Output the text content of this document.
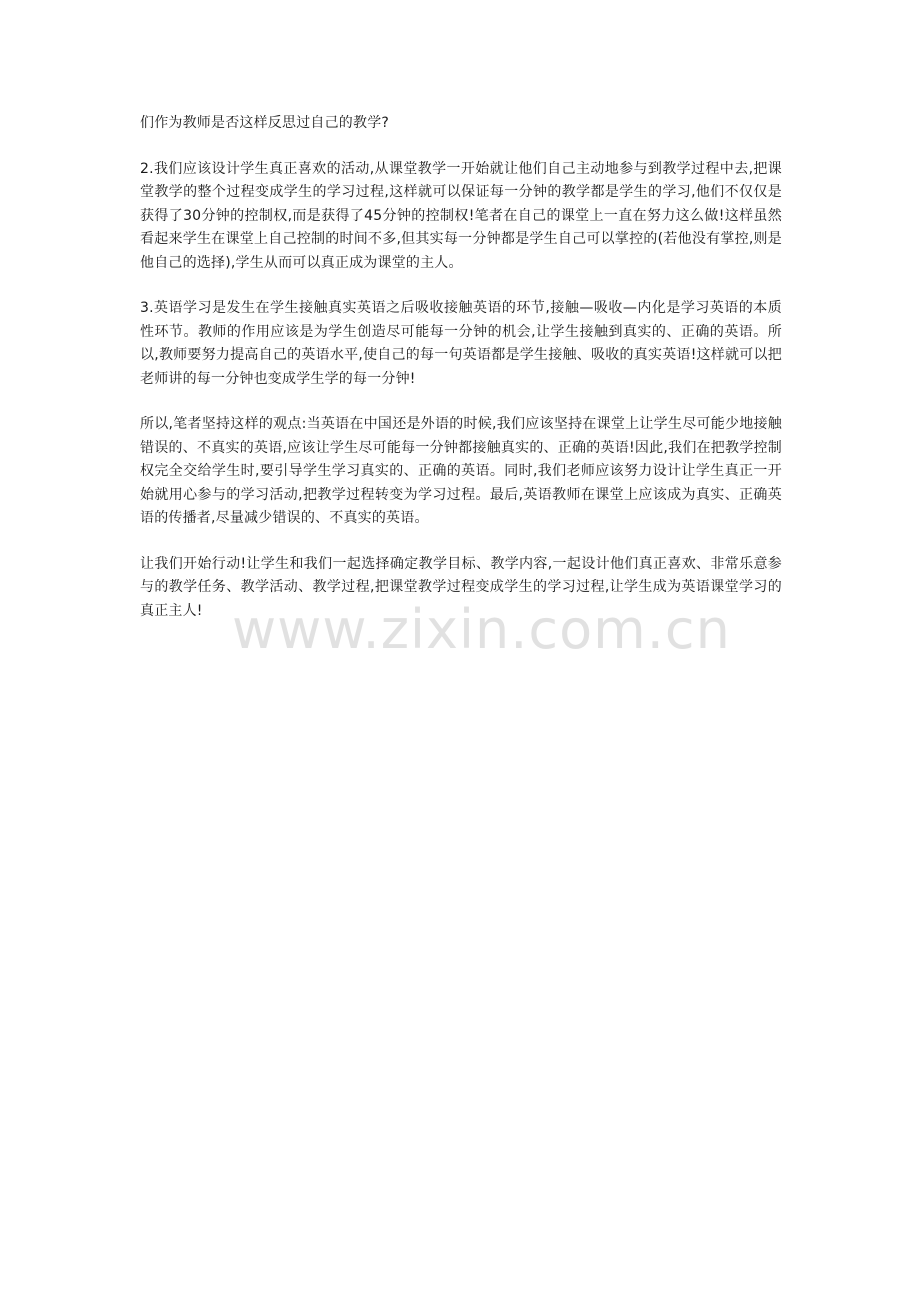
们作为教师是否这样反思过自己的教学?

2.我们应该设计学生真正喜欢的活动,从课堂教学一开始就让他们自己主动地参与到教学过程中去,把课堂教学的整个过程变成学生的学习过程,这样就可以保证每一分钟的教学都是学生的学习,他们不仅仅是获得了30分钟的控制权,而是获得了45分钟的控制权!笔者在自己的课堂上一直在努力这么做!这样虽然看起来学生在课堂上自己控制的时间不多,但其实每一分钟都是学生自己可以掌控的(若他没有掌控,则是他自己的选择),学生从而可以真正成为课堂的主人。

3.英语学习是发生在学生接触真实英语之后吸收接触英语的环节,接触—吸收—内化是学习英语的本质性环节。教师的作用应该是为学生创造尽可能每一分钟的机会,让学生接触到真实的、正确的英语。所以,教师要努力提高自己的英语水平,使自己的每一句英语都是学生接触、吸收的真实英语!这样就可以把老师讲的每一分钟也变成学生学的每一分钟!

所以,笔者坚持这样的观点:当英语在中国还是外语的时候,我们应该坚持在课堂上让学生尽可能少地接触错误的、不真实的英语,应该让学生尽可能每一分钟都接触真实的、正确的英语!因此,我们在把教学控制权完全交给学生时,要引导学生学习真实的、正确的英语。同时,我们老师应该努力设计让学生真正一开始就用心参与的学习活动,把教学过程转变为学习过程。最后,英语教师在课堂上应该成为真实、正确英语的传播者,尽量减少错误的、不真实的英语。

让我们开始行动!让学生和我们一起选择确定教学目标、教学内容,一起设计他们真正喜欢、非常乐意参与的教学任务、教学活动、教学过程,把课堂教学过程变成学生的学习过程,让学生成为英语课堂学习的真正主人! www.zixin.com.cn
